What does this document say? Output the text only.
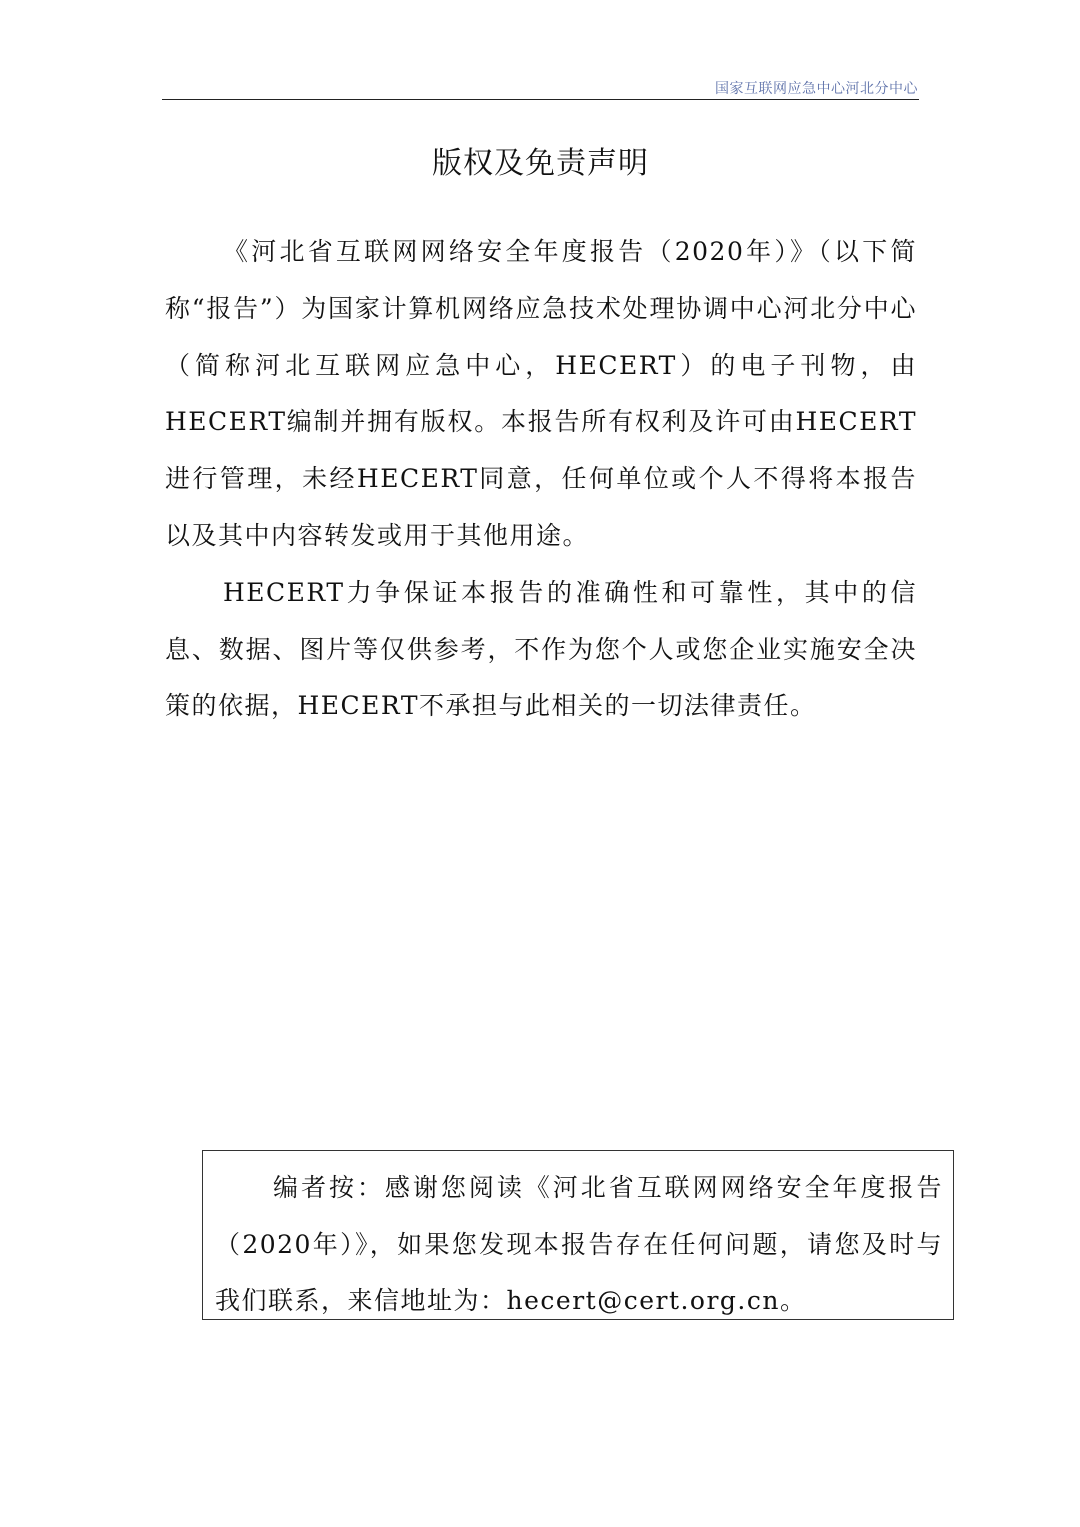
国家互联网应急中心河北分中心
版权及免责声明

《河北省互联网网络安全年度报告（2020年）》（以下简称“报告”）为国家计算机网络应急技术处理协调中心河北分中心（简称河北互联网应急中心，HECERT）的电子刊物，由HECERT编制并拥有版权。本报告所有权利及许可由HECERT进行管理，未经HECERT同意，任何单位或个人不得将本报告以及其中内容转发或用于其他用途。

HECERT力争保证本报告的准确性和可靠性，其中的信息、数据、图片等仅供参考，不作为您个人或您企业实施安全决策的依据，HECERT不承担与此相关的一切法律责任。

编者按：感谢您阅读《河北省互联网网络安全年度报告（2020年）》，如果您发现本报告存在任何问题，请您及时与我们联系，来信地址为：hecert@cert.org.cn。
